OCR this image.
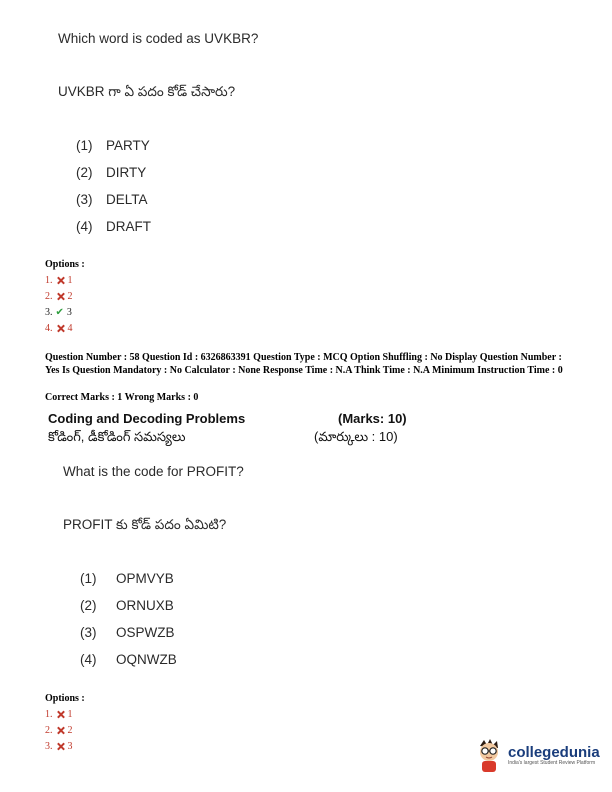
Which word is coded as UVKBR?
UVKBR గా ఏ పదం కోడ్ చేసారు?
(1)	PARTY
(2)	DIRTY
(3)	DELTA
(4)	DRAFT
Options :
1. 1
2. 2
3. ✔ 3
4. 4
Question Number : 58 Question Id : 6326863391 Question Type : MCQ Option Shuffling : No Display Question Number : Yes Is Question Mandatory : No Calculator : None Response Time : N.A Think Time : N.A Minimum Instruction Time : 0
Correct Marks : 1 Wrong Marks : 0
Coding and Decoding Problems	(Marks: 10)
కోడింగ్, డీకోడింగ్ సమస్యలు	(మార్కులు : 10)
What is the code for PROFIT?
PROFIT కు కోడ్ పదం ఏమిటి?
(1)	OPMVYB
(2)	ORNUXB
(3)	OSPWZB
(4)	OQNWZB
Options :
1. 1
2. 2
3. 3	collegedunia
India's largest Student Review Platform
